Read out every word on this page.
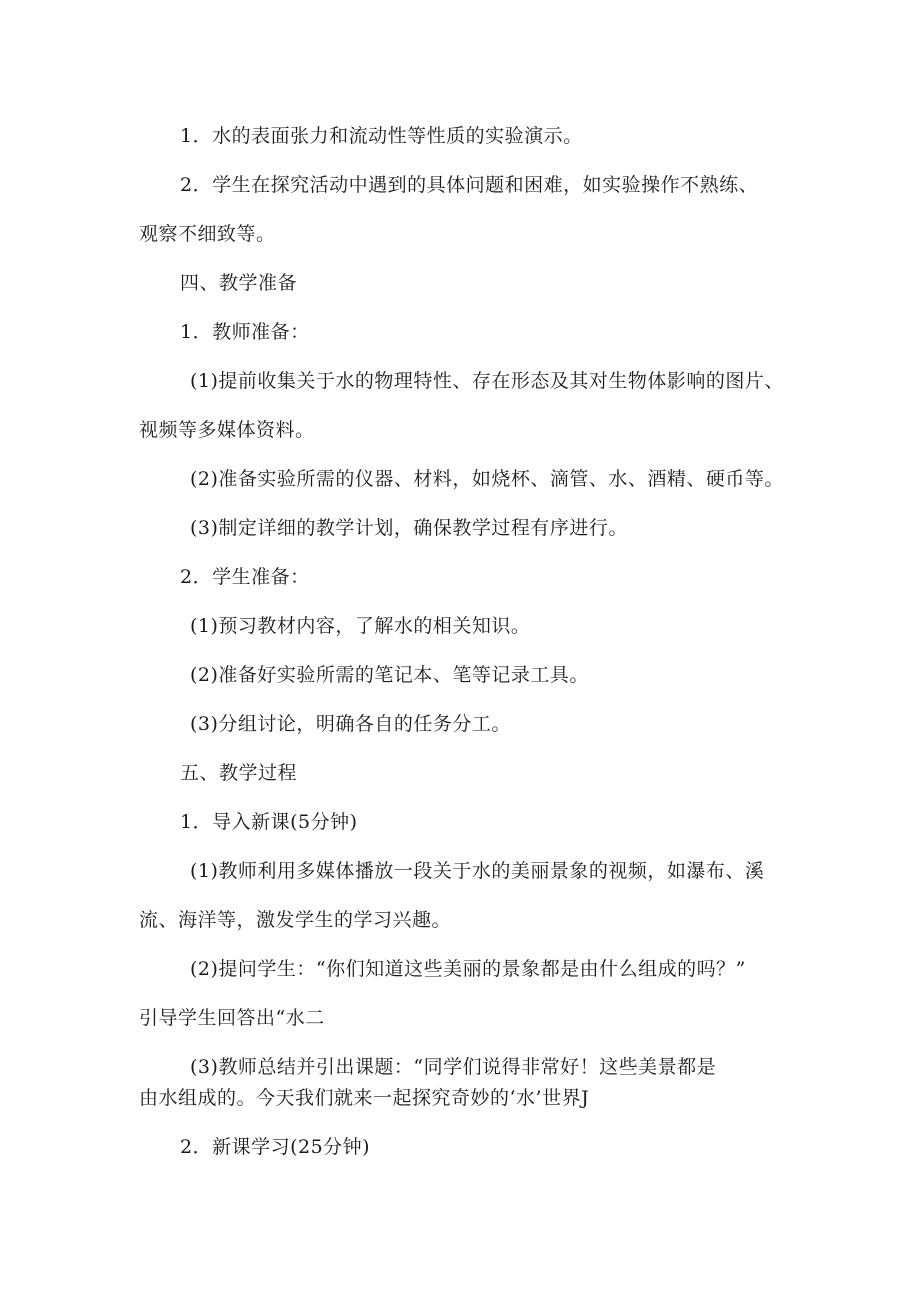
1．水的表面张力和流动性等性质的实验演示。
2．学生在探究活动中遇到的具体问题和困难，如实验操作不熟练、
观察不细致等。
四、教学准备
1．教师准备：
(1)提前收集关于水的物理特性、存在形态及其对生物体影响的图片、
视频等多媒体资料。
(2)准备实验所需的仪器、材料，如烧杯、滴管、水、酒精、硬币等。
(3)制定详细的教学计划，确保教学过程有序进行。
2．学生准备：
(1)预习教材内容，了解水的相关知识。
(2)准备好实验所需的笔记本、笔等记录工具。
(3)分组讨论，明确各自的任务分工。
五、教学过程
1．导入新课(5分钟)
(1)教师利用多媒体播放一段关于水的美丽景象的视频，如瀑布、溪
流、海洋等，激发学生的学习兴趣。
(2)提问学生：“你们知道这些美丽的景象都是由什么组成的吗？”
引导学生回答出“水二
(3)教师总结并引出课题：“同学们说得非常好！这些美景都是
由水组成的。今天我们就来一起探究奇妙的‘水’世界J
2．新课学习(25分钟)
